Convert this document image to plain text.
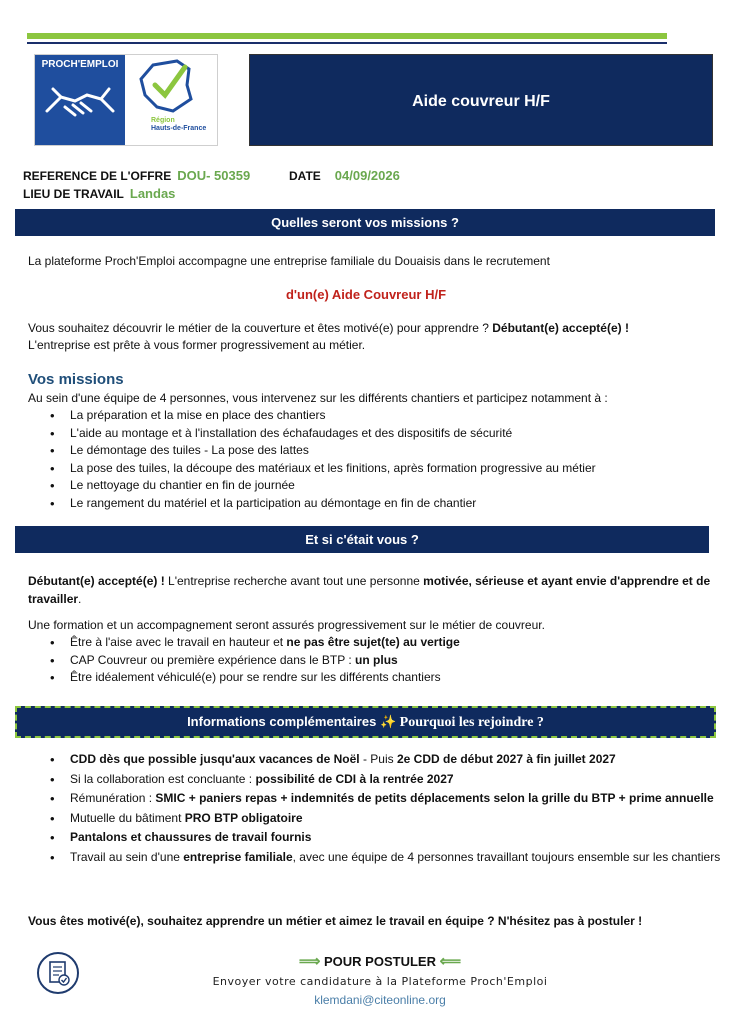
PROCH'EMPLOI
Région
Hauts-de-France
Aide couvreur H/F
REFERENCE DE L'OFFRE DOU- 50359	DATE 04/09/2026
LIEU DE TRAVAIL Landas
Quelles seront vos missions ?
La plateforme Proch'Emploi accompagne une entreprise familiale du Douaisis dans le recrutement
d'un(e) Aide Couvreur H/F
Vous souhaitez découvrir le métier de la couverture et êtes motivé(e) pour apprendre ? Débutant(e) accepté(e) !
L'entreprise est prête à vous former progressivement au métier.
Vos missions
Au sein d'une équipe de 4 personnes, vous intervenez sur les différents chantiers et participez notamment à :
• La préparation et la mise en place des chantiers
• L'aide au montage et à l'installation des échafaudages et des dispositifs de sécurité
• Le démontage des tuiles - La pose des lattes
• La pose des tuiles, la découpe des matériaux et les finitions, après formation progressive au métier
• Le nettoyage du chantier en fin de journée
• Le rangement du matériel et la participation au démontage en fin de chantier
Et si c'était vous ?
Débutant(e) accepté(e) ! L'entreprise recherche avant tout une personne motivée, sérieuse et ayant envie d'apprendre et de travailler.
Une formation et un accompagnement seront assurés progressivement sur le métier de couvreur.
• Être à l'aise avec le travail en hauteur et ne pas être sujet(te) au vertige
• CAP Couvreur ou première expérience dans le BTP : un plus
• Être idéalement véhiculé(e) pour se rendre sur les différents chantiers
Informations complémentaires ✨ Pourquoi les rejoindre ?
• CDD dès que possible jusqu'aux vacances de Noël - Puis 2e CDD de début 2027 à fin juillet 2027
• Si la collaboration est concluante : possibilité de CDI à la rentrée 2027
• Rémunération : SMIC + paniers repas + indemnités de petits déplacements selon la grille du BTP + prime annuelle
• Mutuelle du bâtiment PRO BTP obligatoire
• Pantalons et chaussures de travail fournis
• Travail au sein d'une entreprise familiale, avec une équipe de 4 personnes travaillant toujours ensemble sur les chantiers
Vous êtes motivé(e), souhaitez apprendre un métier et aimez le travail en équipe ? N'hésitez pas à postuler !
⟹ POUR POSTULER ⟸
Envoyer votre candidature à la Plateforme Proch'Emploi
klemdani@citeonline.org
